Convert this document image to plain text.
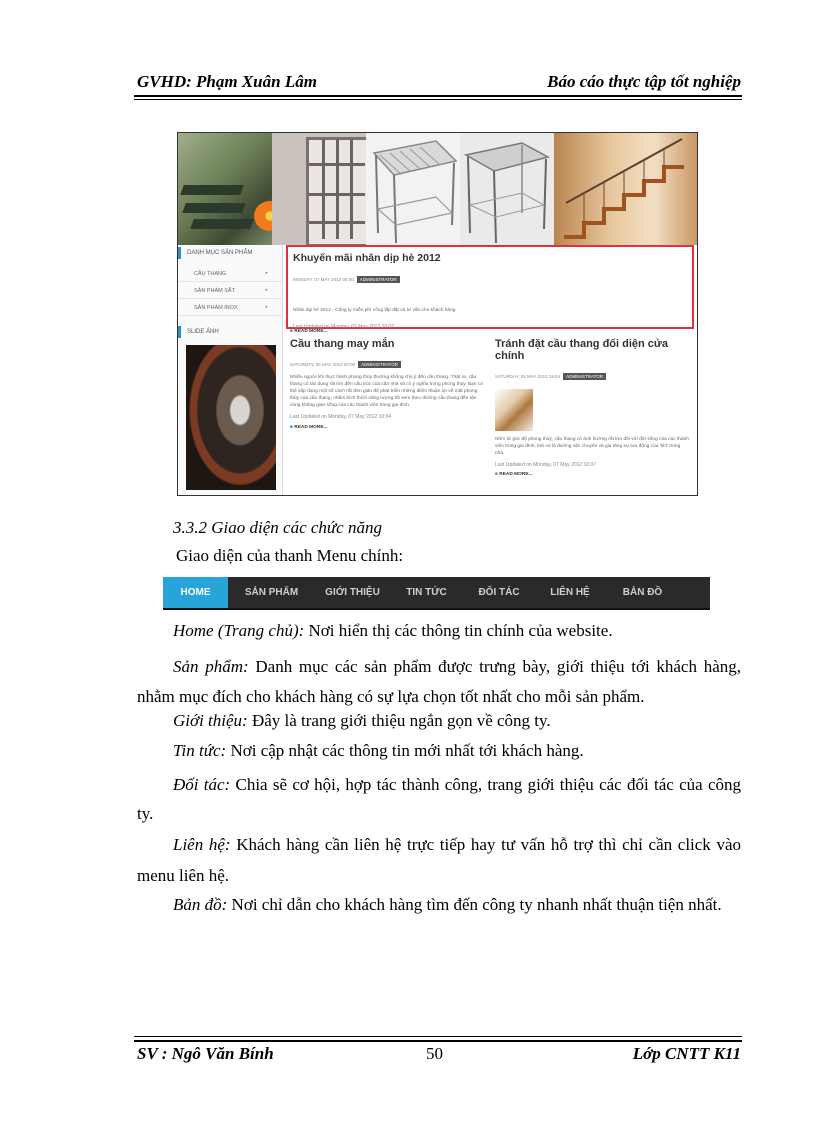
GVHD: Phạm Xuân Lâm	Báo cáo thực tập tốt nghiệp
DANH MỤC SẢN PHẨM
CẦU THANG ▸
SẢN PHẨM SẮT ▸
SẢN PHẨM INOX ▸
SLIDE ẢNH
Khuyến mãi nhân dịp hè 2012
MONDAY, 07 MAY 2012 00:00 ADMINISTRATOR
Nhân dịp hè 2012 - Công ty miễn phí công lắp đặt và tư vấn cho khách hàng.
Last Updated on Monday, 07 May 2012 10:02
■ READ MORE...
Cầu thang may mắn
SATURDAY, 05 MAY 2012 00:00 ADMINISTRATOR
Nhiều người khi thực hành phong thủy thường không chú ý đến cầu thang. Thật ra, cầu thang có tác dụng rất lớn đến cấu trúc của căn nhà và có ý nghĩa trong phong thủy. Bạn có thể sắp dụng một số cách rất đơn giản để phát triển những điểm thuận lợi về mặt phong thủy của cầu thang, nhằm kích thích năng lượng tốt xem theo đường cầu thang đến tận vùng không gian sống của các thành viên trong gia đình.
Last Updated on Monday, 07 May 2012 10:04
■ READ MORE...
Tránh đặt cầu thang đối diện cửa chính
SATURDAY, 05 MAY 2012 19:54 ADMINISTRATOR
Nhìn từ góc độ phong thuỷ, cầu thang có ảnh hưởng rất lớn đối với đời sống của các thành viên trong gia đình, bởi nó là đường vận chuyển và gia tăng sự lưu động của 'khí' trong nhà.
Last Updated on Monday, 07 May 2012 10:07
■ READ MORE...
3.3.2 Giao diện các chức năng
Giao diện của thanh Menu chính:
HOME	SẢN PHẨM	GIỚI THIỆU	TIN TỨC	ĐỐI TÁC	LIÊN HỆ	BẢN ĐỒ
Home (Trang chủ): Nơi hiển thị các thông tin chính của website.
Sản phẩm: Danh mục các sản phẩm được trưng bày, giới thiệu tới khách hàng, nhằm mục đích cho khách hàng có sự lựa chọn tốt nhất cho mỗi sản phẩm.
Giới thiệu: Đây là trang giới thiệu ngắn gọn về công ty.
Tin tức: Nơi cập nhật các thông tin mới nhất tới khách hàng.
Đối tác: Chia sẽ cơ hội, hợp tác thành công, trang giới thiệu các đối tác của công ty.
Liên hệ: Khách hàng cần liên hệ trực tiếp hay tư vấn hỗ trợ thì chỉ cần click vào menu liên hệ.
Bản đồ: Nơi chỉ dẫn cho khách hàng tìm đến công ty nhanh nhất thuận tiện nhất.
SV : Ngô Văn Bính	50	Lớp CNTT K11
